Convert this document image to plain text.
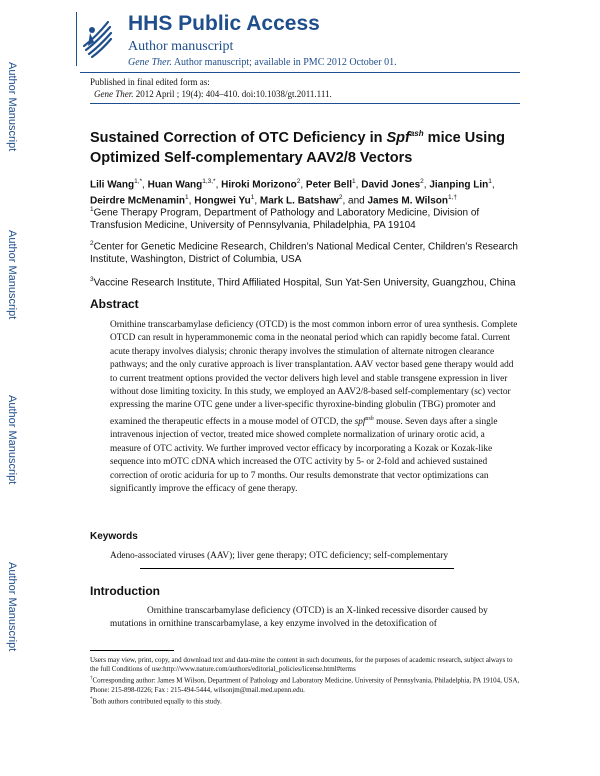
Author Manuscript
Author Manuscript
Author Manuscript
Author Manuscript
HHS Public Access
Author manuscript
Gene Ther. Author manuscript; available in PMC 2012 October 01.
Published in final edited form as:
Gene Ther. 2012 April ; 19(4): 404–410. doi:10.1038/gt.2011.111.
Sustained Correction of OTC Deficiency in Spf$^{ash}$ mice Using Optimized Self-complementary AAV2/8 Vectors
Lili Wang$^{1,*}$, Huan Wang$^{1,3,*}$, Hiroki Morizono$^2$, Peter Bell$^1$, David Jones$^2$, Jianping Lin$^1$, Deirdre McMenamin$^1$, Hongwei Yu$^1$, Mark L. Batshaw$^2$, and James M. Wilson$^{1,\dagger}$
$^1$Gene Therapy Program, Department of Pathology and Laboratory Medicine, Division of Transfusion Medicine, University of Pennsylvania, Philadelphia, PA 19104
$^2$Center for Genetic Medicine Research, Children’s National Medical Center, Children’s Research Institute, Washington, District of Columbia, USA
$^3$Vaccine Research Institute, Third Affiliated Hospital, Sun Yat-Sen University, Guangzhou, China
Abstract
Ornithine transcarbamylase deficiency (OTCD) is the most common inborn error of urea synthesis. Complete OTCD can result in hyperammonemic coma in the neonatal period which can rapidly become fatal. Current acute therapy involves dialysis; chronic therapy involves the stimulation of alternate nitrogen clearance pathways; and the only curative approach is liver transplantation. AAV vector based gene therapy would add to current treatment options provided the vector delivers high level and stable transgene expression in liver without dose limiting toxicity. In this study, we employed an AAV2/8-based self-complementary (sc) vector expressing the marine OTC gene under a liver-specific thyroxine-binding globulin (TBG) promoter and examined the therapeutic effects in a mouse model of OTCD, the spf$^{ash}$ mouse. Seven days after a single intravenous injection of vector, treated mice showed complete normalization of urinary orotic acid, a measure of OTC activity. We further improved vector efficacy by incorporating a Kozak or Kozak-like sequence into mOTC cDNA which increased the OTC activity by 5- or 2-fold and achieved sustained correction of orotic aciduria for up to 7 months. Our results demonstrate that vector optimizations can significantly improve the efficacy of gene therapy.
Keywords
Adeno-associated viruses (AAV); liver gene therapy; OTC deficiency; self-complementary
Introduction
Ornithine transcarbamylase deficiency (OTCD) is an X-linked recessive disorder caused by mutations in ornithine transcarbamylase, a key enzyme involved in the detoxification of

Users may view, print, copy, and download text and data-mine the content in such documents, for the purposes of academic research, subject always to the full Conditions of use:http://www.nature.com/authors/editorial_policies/license.html#terms

†Corresponding author: James M Wilson, Department of Pathology and Laboratory Medicine, University of Pennsylvania, Philadelphia, PA 19104, USA, Phone: 215-898-0226; Fax : 215-494-5444, wilsonjm@mail.med.upenn.edu.

*Both authors contributed equally to this study.
